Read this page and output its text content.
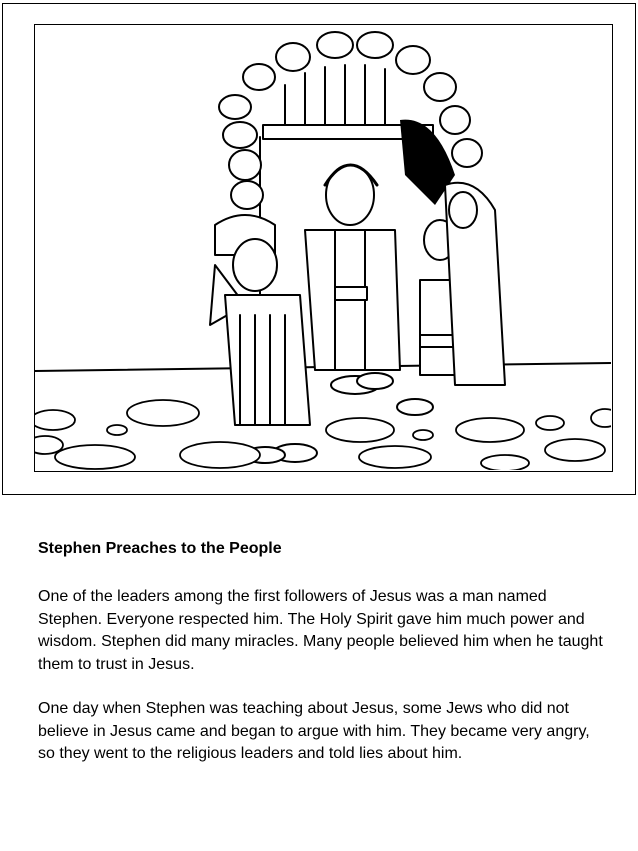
Stephen Preaches to the People

One of the leaders among the first followers of Jesus was a man named Stephen. Everyone respected him. The Holy Spirit gave him much power and wisdom. Stephen did many miracles. Many people believed him when he taught them to trust in Jesus.

One day when Stephen was teaching about Jesus, some Jews who did not believe in Jesus came and began to argue with him. They became very angry, so they went to the religious leaders and told lies about him.
